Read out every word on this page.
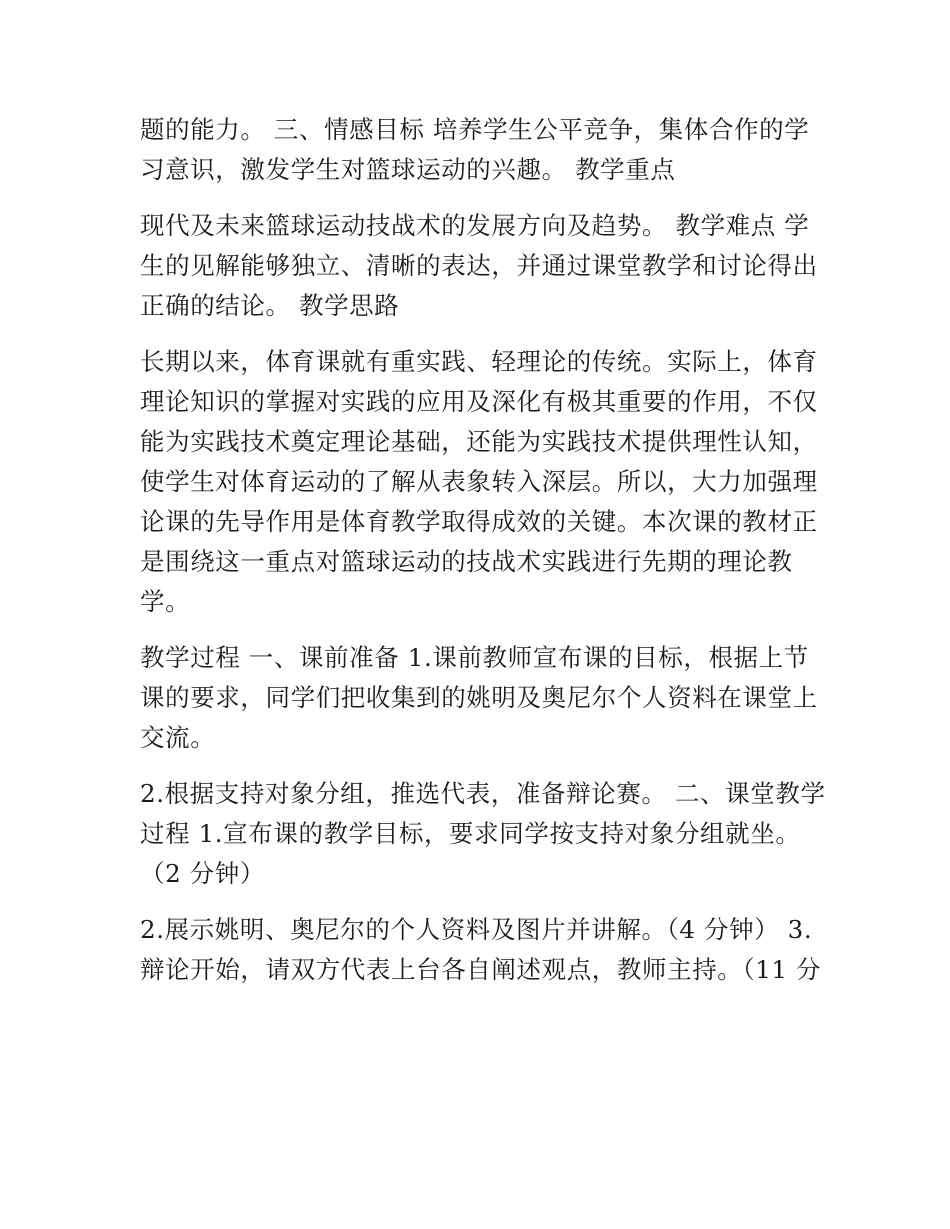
题的能力。 三、情感目标 培养学生公平竞争，集体合作的学
习意识，激发学生对篮球运动的兴趣。 教学重点
现代及未来篮球运动技战术的发展方向及趋势。 教学难点 学
生的见解能够独立、清晰的表达，并通过课堂教学和讨论得出
正确的结论。 教学思路
长期以来，体育课就有重实践、轻理论的传统。实际上，体育
理论知识的掌握对实践的应用及深化有极其重要的作用，不仅
能为实践技术奠定理论基础，还能为实践技术提供理性认知，
使学生对体育运动的了解从表象转入深层。所以，大力加强理
论课的先导作用是体育教学取得成效的关键。本次课的教材正
是围绕这一重点对篮球运动的技战术实践进行先期的理论教
学。
教学过程 一、课前准备 1.课前教师宣布课的目标，根据上节
课的要求，同学们把收集到的姚明及奥尼尔个人资料在课堂上
交流。
2.根据支持对象分组，推选代表，准备辩论赛。 二、课堂教学
过程 1.宣布课的教学目标，要求同学按支持对象分组就坐。
（2 分钟）
2.展示姚明、奥尼尔的个人资料及图片并讲解。（4 分钟） 3.
辩论开始，请双方代表上台各自阐述观点，教师主持。（11 分
